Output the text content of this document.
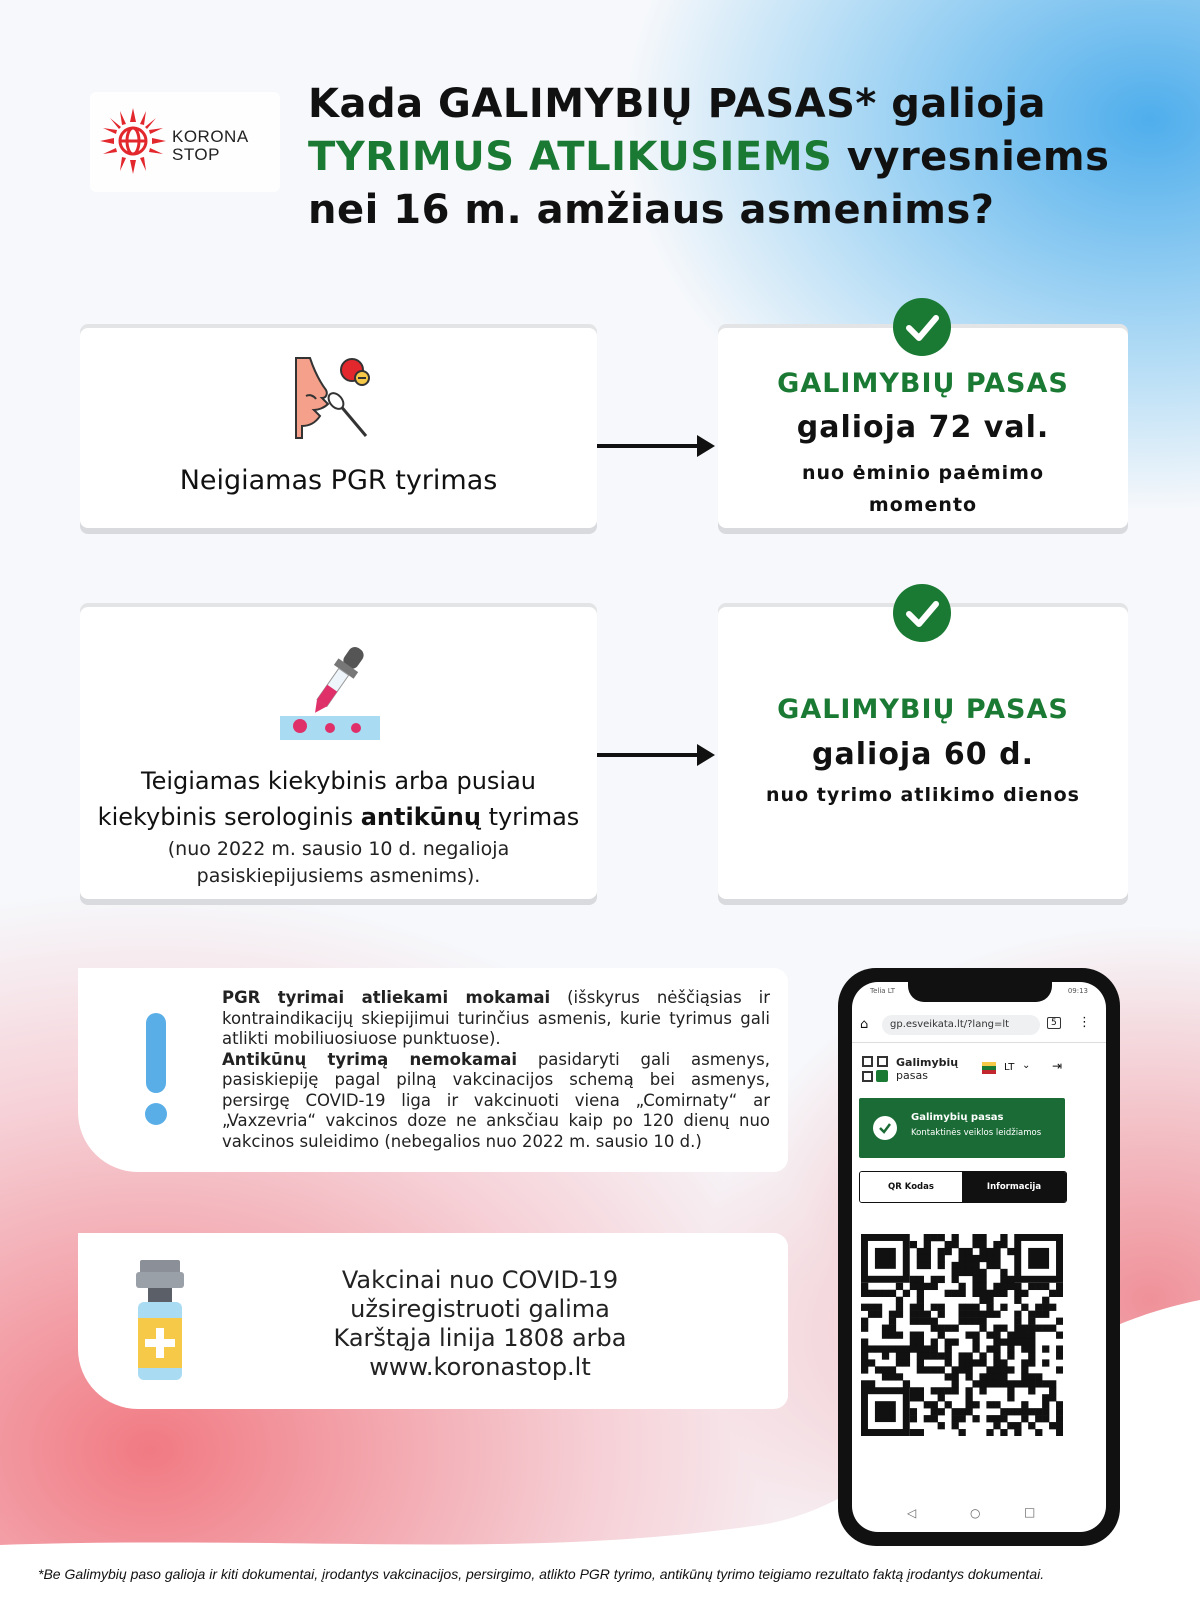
KORONA
STOP
Kada GALIMYBIŲ PASAS* galioja
TYRIMUS ATLIKUSIEMS vyresniems
nei 16 m. amžiaus asmenims?
Neigiamas PGR tyrimas
GALIMYBIŲ PASAS
galioja 72 val.
nuo ėminio paėmimo
momento
Teigiamas kiekybinis arba pusiau
kiekybinis serologinis antikūnų tyrimas
(nuo 2022 m. sausio 10 d. negalioja
pasiskiepijusiems asmenims).
GALIMYBIŲ PASAS
galioja 60 d.
nuo tyrimo atlikimo dienos
PGR tyrimai atliekami mokamai (išskyrus nėščiąsias ir kontraindikacijų skiepijimui turinčius asmenis, kurie tyrimus gali atlikti mobiliuosiuose punktuose).
Antikūnų tyrimą nemokamai pasidaryti gali asmenys, pasiskiepiję pagal pilną vakcinacijos schemą bei asmenys, persirgę COVID-19 liga ir vakcinuoti viena „Comirnaty“ ar „Vaxzevria“ vakcinos doze ne anksčiau kaip po 120 dienų nuo vakcinos suleidimo (nebegalios nuo 2022 m. sausio 10 d.)
Vakcinai nuo COVID-19
užsiregistruoti galima
Karštąja linija 1808 arba
www.koronastop.lt
Telia LT	09:13
⌂	gp.esveikata.lt/?lang=lt	5	⋮
Galimybių
pasas
LT ⌄ ⇥
Galimybių pasas
Kontaktinės veiklos leidžiamos
QR Kodas	Informacija
◁	○	□
*Be Galimybių paso galioja ir kiti dokumentai, įrodantys vakcinacijos, persirgimo, atlikto PGR tyrimo, antikūnų tyrimo teigiamo rezultato faktą įrodantys dokumentai.
